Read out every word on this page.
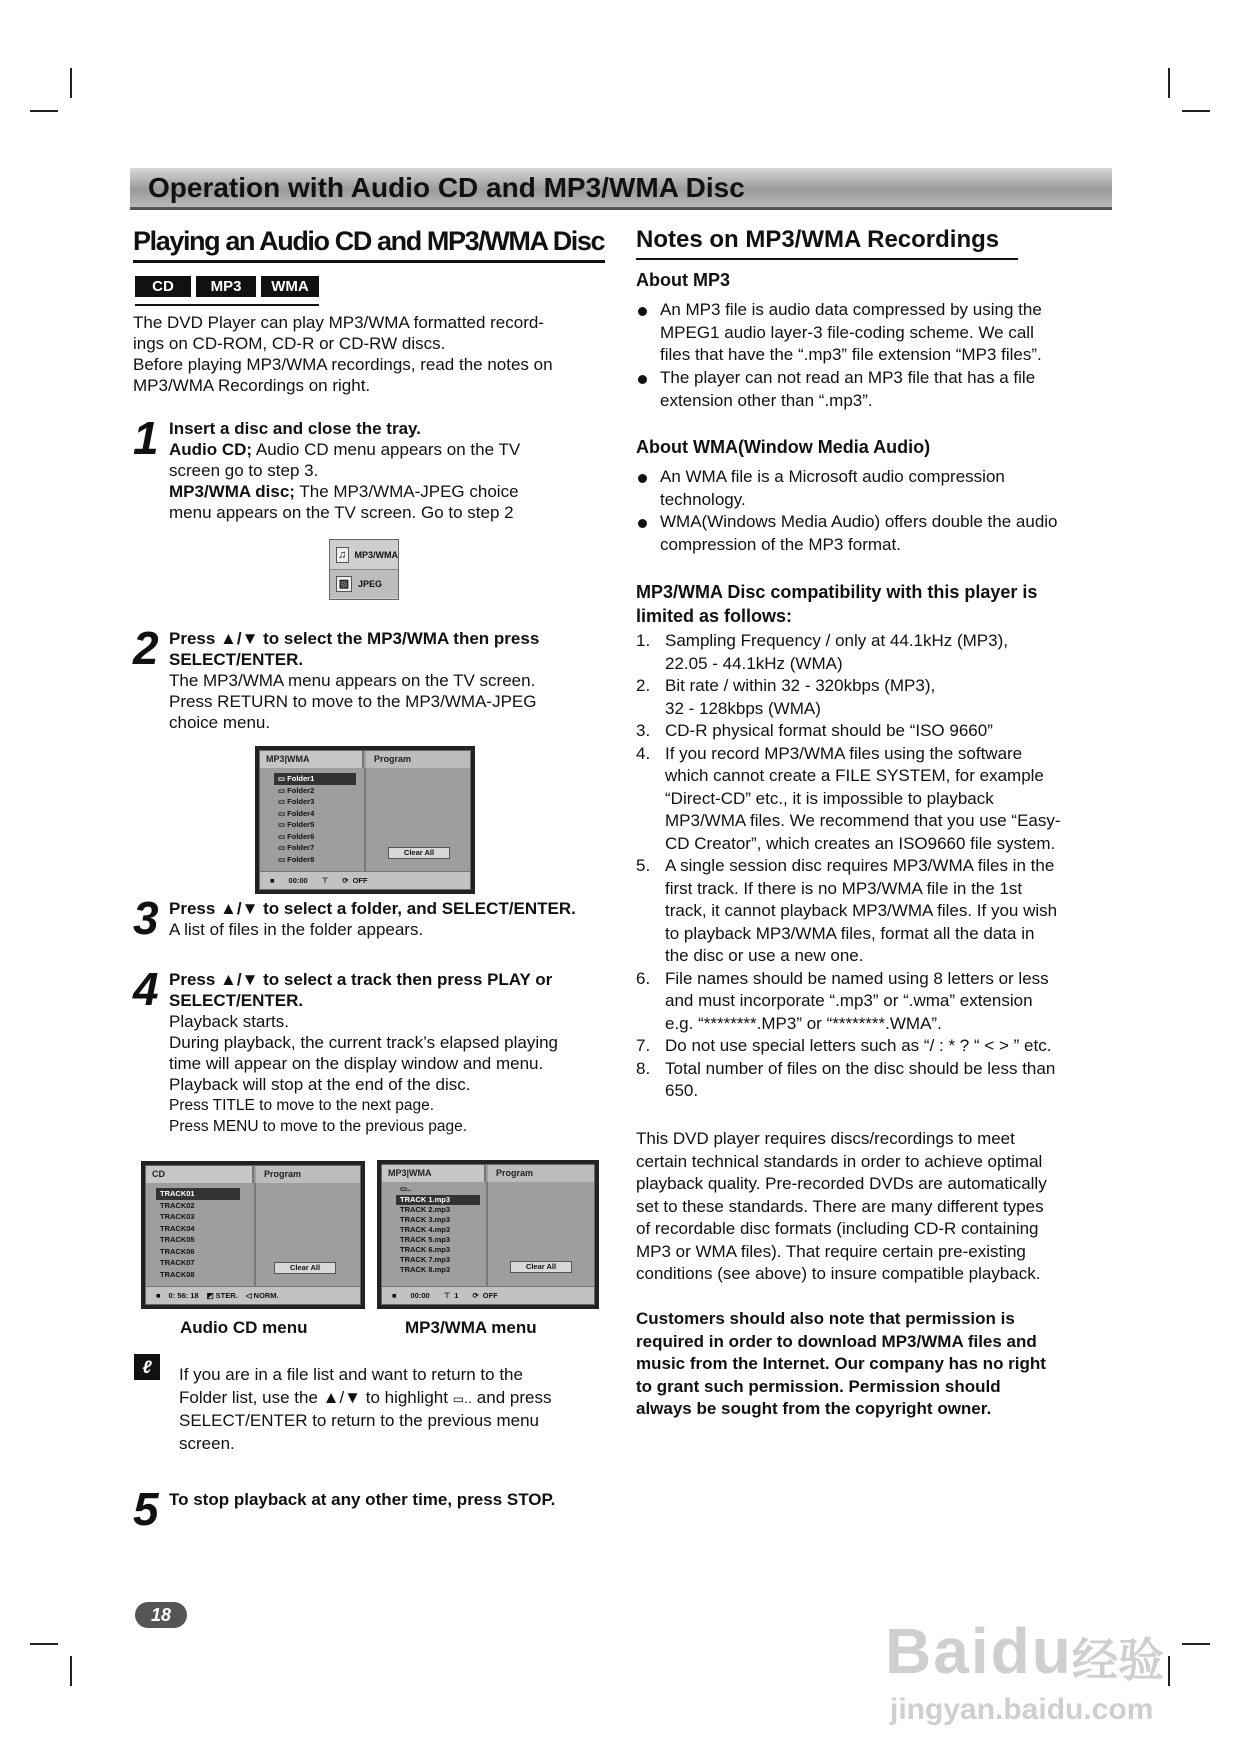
Operation with Audio CD and MP3/WMA Disc
Playing an Audio CD and MP3/WMA Disc
CD	MP3	WMA
The DVD Player can play MP3/WMA formatted record-
ings on CD-ROM, CD-R or CD-RW discs.
Before playing MP3/WMA recordings, read the notes on
MP3/WMA Recordings on right.
1 Insert a disc and close the tray.
Audio CD; Audio CD menu appears on the TV
screen go to step 3.
MP3/WMA disc; The MP3/WMA-JPEG choice
menu appears on the TV screen. Go to step 2
♫ MP3/WMA
▨ JPEG
2 Press ▲/▼ to select the MP3/WMA then press
SELECT/ENTER.
The MP3/WMA menu appears on the TV screen.
Press RETURN to move to the MP3/WMA-JPEG
choice menu.
MP3|WMA	Program
▭ Folder1
▭ Folder2
▭ Folder3
▭ Folder4
▭ Folder5
▭ Folder6
▭ Folder7
▭ Folder8
Clear All
■ 00:00 ⊤ ⟳ OFF
3 Press ▲/▼ to select a folder, and SELECT/ENTER.
A list of files in the folder appears.
4 Press ▲/▼ to select a track then press PLAY or
SELECT/ENTER.
Playback starts.
During playback, the current track’s elapsed playing
time will appear on the display window and menu.
Playback will stop at the end of the disc.
Press TITLE to move to the next page.
Press MENU to move to the previous page.
CD	Program
TRACK01
TRACK02
TRACK03
TRACK04
TRACK05
TRACK06
TRACK07
TRACK08
Clear All
■ 0: 56: 18 ◩ STER. ◁ NORM.
MP3|WMA	Program
▭..
TRACK 1.mp3
TRACK 2.mp3
TRACK 3.mp3
TRACK 4.mp3
TRACK 5.mp3
TRACK 6.mp3
TRACK 7.mp3
TRACK 8.mp3	Clear All
■ 00:00 ⊤ 1 ⟳ OFF
Audio CD menu	MP3/WMA menu
ℓ	If you are in a file list and want to return to the
Folder list, use the ▲/▼ to highlight ▭‥ and press
SELECT/ENTER to return to the previous menu
screen.
5 To stop playback at any other time, press STOP.
Notes on MP3/WMA Recordings
About MP3
An MP3 file is audio data compressed by using the
MPEG1 audio layer-3 file-coding scheme. We call
files that have the “.mp3” file extension “MP3 files”.
The player can not read an MP3 file that has a file
extension other than “.mp3”.
About WMA(Window Media Audio)
An WMA file is a Microsoft audio compression
technology.
WMA(Windows Media Audio) offers double the audio
compression of the MP3 format.
MP3/WMA Disc compatibility with this player is
limited as follows:
1. Sampling Frequency / only at 44.1kHz (MP3),
22.05 - 44.1kHz (WMA)
2. Bit rate / within 32 - 320kbps (MP3),
32 - 128kbps (WMA)
3. CD-R physical format should be “ISO 9660”
4. If you record MP3/WMA files using the software
which cannot create a FILE SYSTEM, for example
“Direct-CD” etc., it is impossible to playback
MP3/WMA files. We recommend that you use “Easy-
CD Creator”, which creates an ISO9660 file system.
5. A single session disc requires MP3/WMA files in the
first track. If there is no MP3/WMA file in the 1st
track, it cannot playback MP3/WMA files. If you wish
to playback MP3/WMA files, format all the data in
the disc or use a new one.
6. File names should be named using 8 letters or less
and must incorporate “.mp3” or “.wma” extension
e.g. “********.MP3” or “********.WMA”.
7. Do not use special letters such as “/ : * ? “ < > ” etc.
8. Total number of files on the disc should be less than
650.
This DVD player requires discs/recordings to meet
certain technical standards in order to achieve optimal
playback quality. Pre-recorded DVDs are automatically
set to these standards. There are many different types
of recordable disc formats (including CD-R containing
MP3 or WMA files). That require certain pre-existing
conditions (see above) to insure compatible playback.
Customers should also note that permission is
required in order to download MP3/WMA files and
music from the Internet. Our company has no right
to grant such permission. Permission should
always be sought from the copyright owner.
18	Baidu 经验
jingyan.baidu.com
